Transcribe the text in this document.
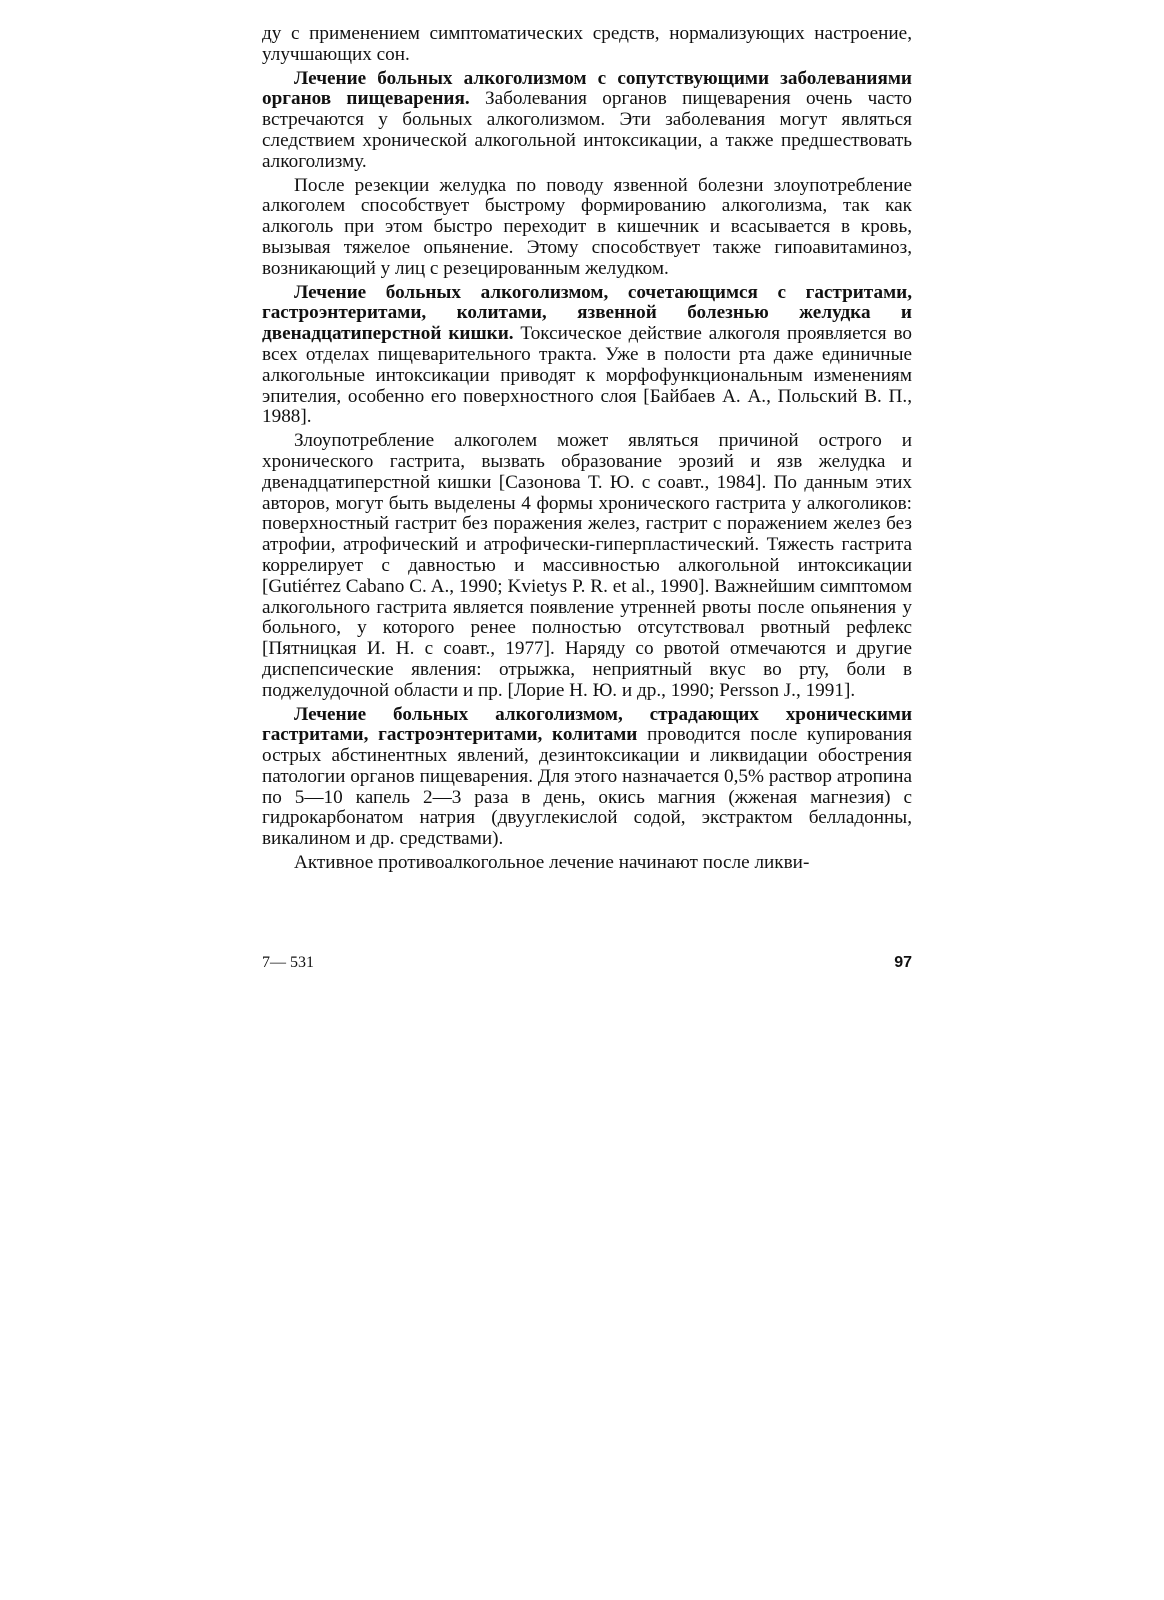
ду с применением симптоматических средств, нормализующих настроение, улучшающих сон.

Лечение больных алкоголизмом с сопутствующими заболеваниями органов пищеварения. Заболевания органов пищеварения очень часто встречаются у больных алкоголизмом. Эти заболевания могут являться следствием хронической алкогольной интоксикации, а также предшествовать алкоголизму.

После резекции желудка по поводу язвенной болезни злоупотребление алкоголем способствует быстрому формированию алкоголизма, так как алкоголь при этом быстро переходит в кишечник и всасывается в кровь, вызывая тяжелое опьянение. Этому способствует также гипоавитаминоз, возникающий у лиц с резецированным желудком.

Лечение больных алкоголизмом, сочетающимся с гастритами, гастроэнтеритами, колитами, язвенной болезнью желудка и двенадцатиперстной кишки. Токсическое действие алкоголя проявляется во всех отделах пищеварительного тракта. Уже в полости рта даже единичные алкогольные интоксикации приводят к морфофункциональным изменениям эпителия, особенно его поверхностного слоя [Байбаев А. А., Польский В. П., 1988].

Злоупотребление алкоголем может являться причиной острого и хронического гастрита, вызвать образование эрозий и язв желудка и двенадцатиперстной кишки [Сазонова Т. Ю. с соавт., 1984]. По данным этих авторов, могут быть выделены 4 формы хронического гастрита у алкоголиков: поверхностный гастрит без поражения желез, гастрит с поражением желез без атрофии, атрофический и атрофически-гиперпластический. Тяжесть гастрита коррелирует с давностью и массивностью алкогольной интоксикации [Gutiérrez Cabano C. A., 1990; Kvietys P. R. et al., 1990]. Важнейшим симптомом алкогольного гастрита является появление утренней рвоты после опьянения у больного, у которого ренее полностью отсутствовал рвотный рефлекс [Пятницкая И. Н. с соавт., 1977]. Наряду со рвотой отмечаются и другие диспепсические явления: отрыжка, неприятный вкус во рту, боли в поджелудочной области и пр. [Лорие Н. Ю. и др., 1990; Persson J., 1991].

Лечение больных алкоголизмом, страдающих хроническими гастритами, гастроэнтеритами, колитами проводится после купирования острых абстинентных явлений, дезинтоксикации и ликвидации обострения патологии органов пищеварения. Для этого назначается 0,5% раствор атропина по 5—10 капель 2—3 раза в день, окись магния (жженая магнезия) с гидрокарбонатом натрия (двууглекислой содой, экстрактом белладонны, викалином и др. средствами).

Активное противоалкогольное лечение начинают после ликви-

7— 531	97
